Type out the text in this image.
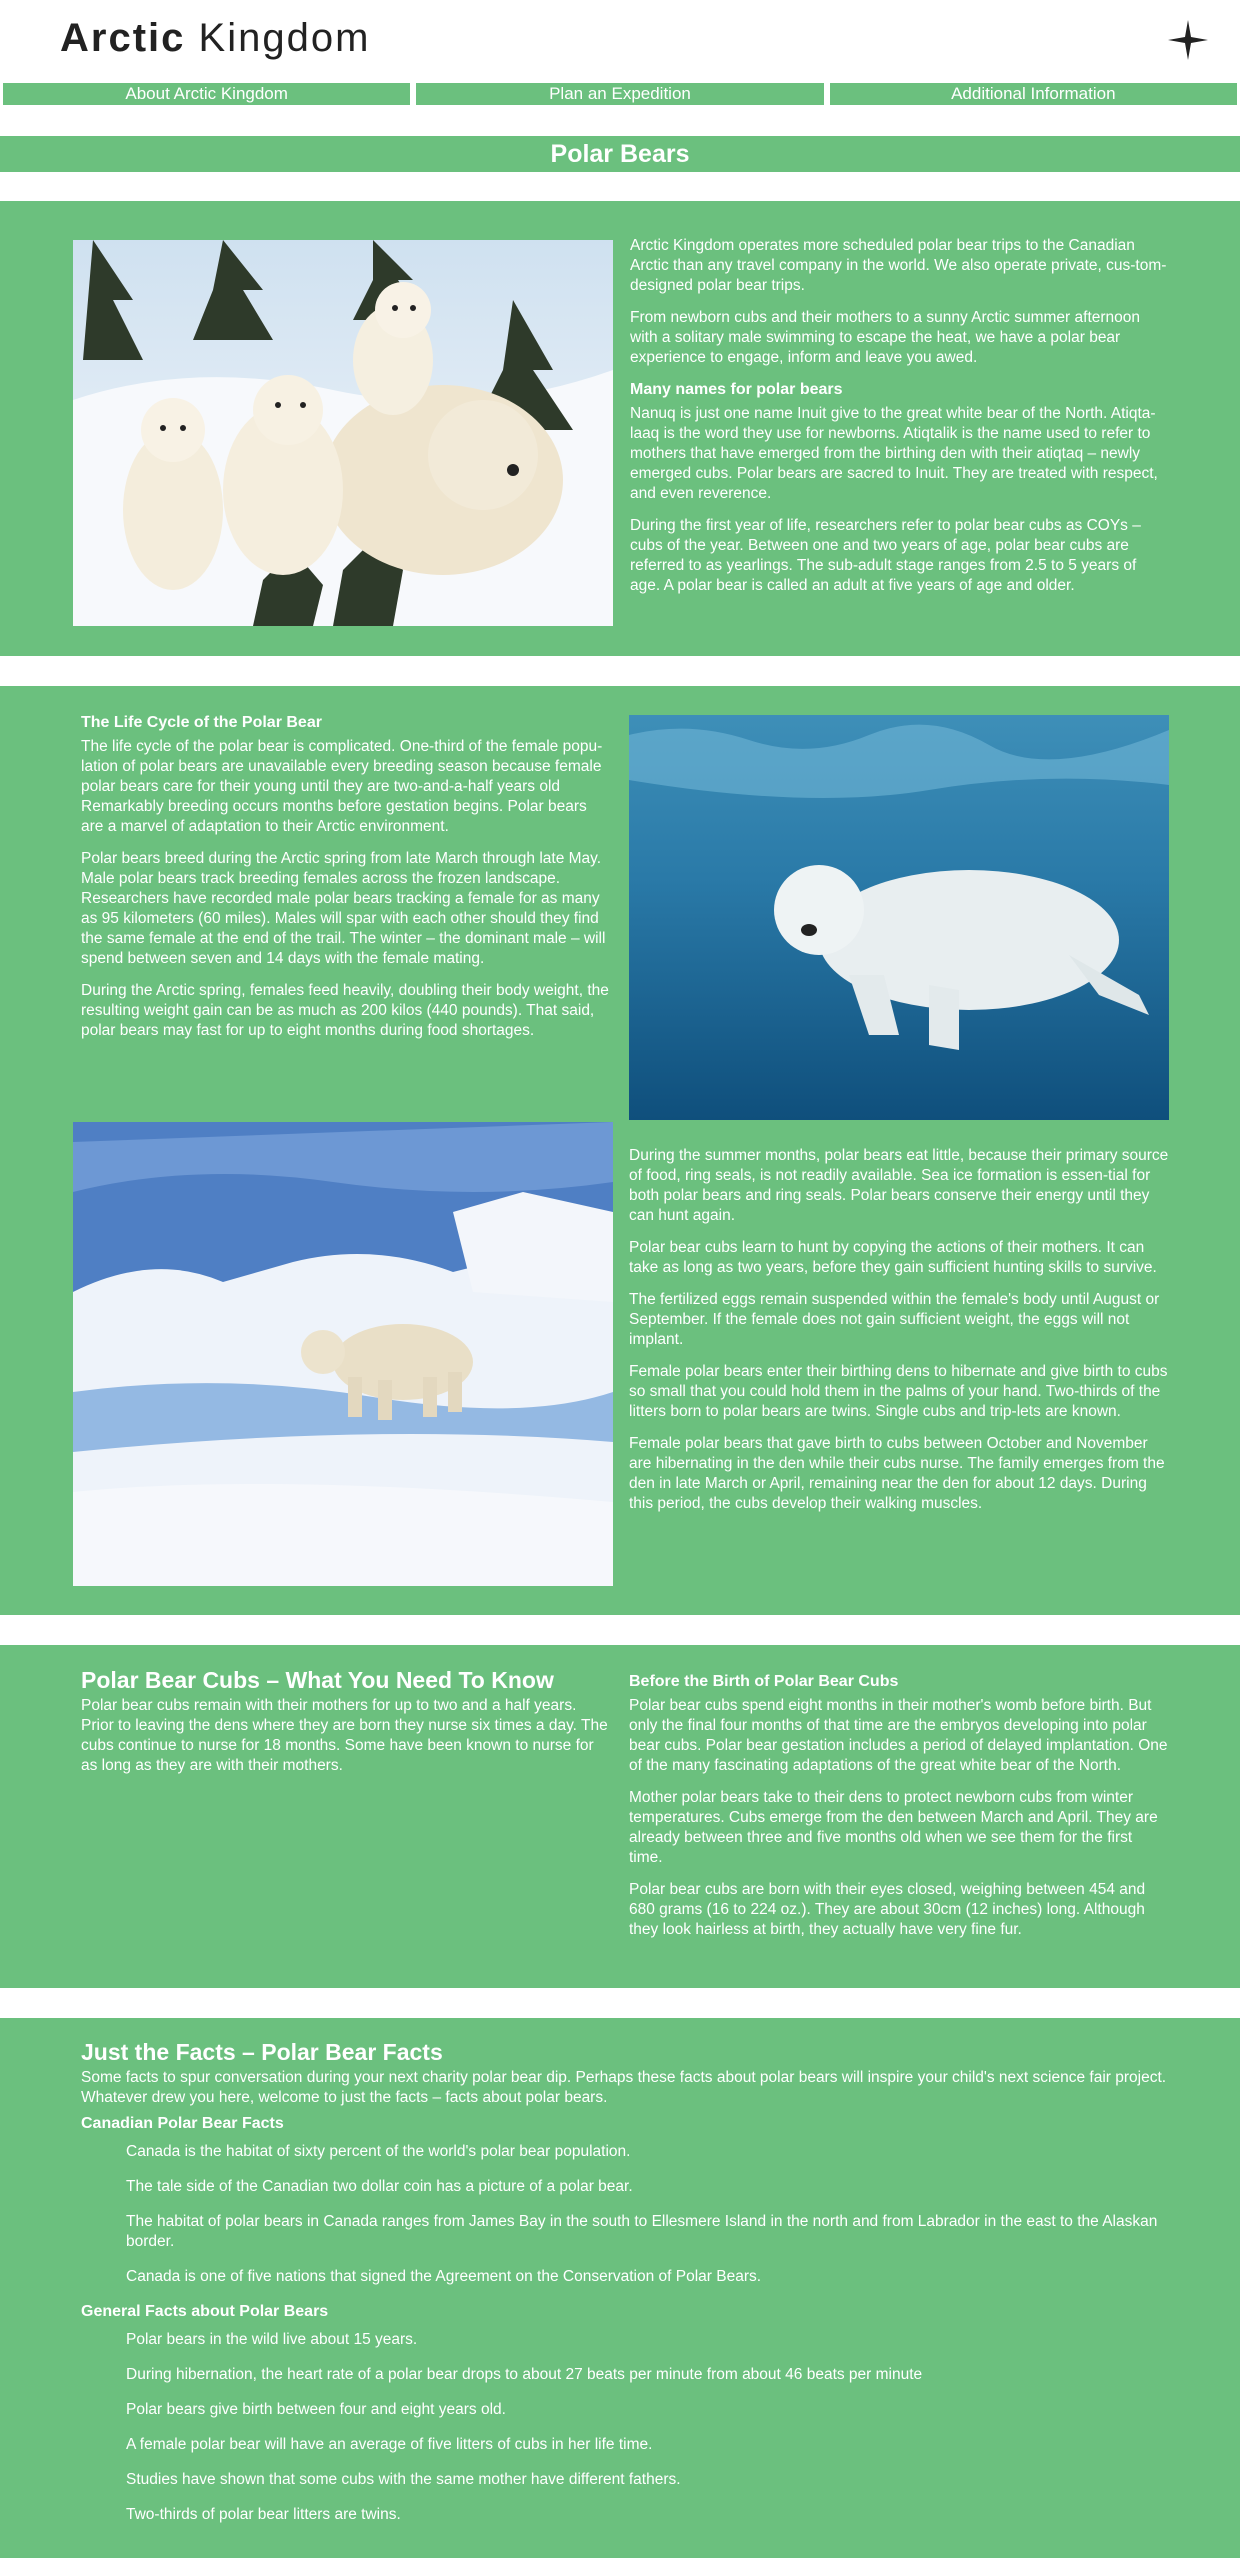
Arctic Kingdom
About Arctic Kingdom	Plan an Expedition	Additional Information
Polar Bears

Arctic Kingdom operates more scheduled polar bear trips to the Canadian Arctic than any travel company in the world. We also operate private, cus-tom-designed polar bear trips.

From newborn cubs and their mothers to a sunny Arctic summer afternoon with a solitary male swimming to escape the heat, we have a polar bear experience to engage, inform and leave you awed.

Many names for polar bears

Nanuq is just one name Inuit give to the great white bear of the North. Atiqta-laaq is the word they use for newborns. Atiqtalik is the name used to refer to mothers that have emerged from the birthing den with their atiqtaq – newly emerged cubs. Polar bears are sacred to Inuit. They are treated with respect, and even reverence.

During the first year of life, researchers refer to polar bear cubs as COYs – cubs of the year. Between one and two years of age, polar bear cubs are referred to as yearlings. The sub-adult stage ranges from 2.5 to 5 years of age. A polar bear is called an adult at five years of age and older.

The Life Cycle of the Polar Bear

The life cycle of the polar bear is complicated. One-third of the female popu-lation of polar bears are unavailable every breeding season because female polar bears care for their young until they are two-and-a-half years old Remarkably breeding occurs months before gestation begins. Polar bears are a marvel of adaptation to their Arctic environment.

Polar bears breed during the Arctic spring from late March through late May. Male polar bears track breeding females across the frozen landscape. Researchers have recorded male polar bears tracking a female for as many as 95 kilometers (60 miles). Males will spar with each other should they find the same female at the end of the trail. The winter – the dominant male – will spend between seven and 14 days with the female mating.

During the Arctic spring, females feed heavily, doubling their body weight, the resulting weight gain can be as much as 200 kilos (440 pounds). That said, polar bears may fast for up to eight months during food shortages.

During the summer months, polar bears eat little, because their primary source of food, ring seals, is not readily available. Sea ice formation is essen-tial for both polar bears and ring seals. Polar bears conserve their energy until they can hunt again.

Polar bear cubs learn to hunt by copying the actions of their mothers. It can take as long as two years, before they gain sufficient hunting skills to survive.

The fertilized eggs remain suspended within the female's body until August or September. If the female does not gain sufficient weight, the eggs will not implant.

Female polar bears enter their birthing dens to hibernate and give birth to cubs so small that you could hold them in the palms of your hand. Two-thirds of the litters born to polar bears are twins. Single cubs and trip-lets are known.

Female polar bears that gave birth to cubs between October and November are hibernating in the den while their cubs nurse. The family emerges from the den in late March or April, remaining near the den for about 12 days. During this period, the cubs develop their walking muscles.

Polar Bear Cubs – What You Need To Know

Polar bear cubs remain with their mothers for up to two and a half years. Prior to leaving the dens where they are born they nurse six times a day. The cubs continue to nurse for 18 months. Some have been known to nurse for as long as they are with their mothers.

Before the Birth of Polar Bear Cubs

Polar bear cubs spend eight months in their mother's womb before birth. But only the final four months of that time are the embryos developing into polar bear cubs. Polar bear gestation includes a period of delayed implantation. One of the many fascinating adaptations of the great white bear of the North.

Mother polar bears take to their dens to protect newborn cubs from winter temperatures. Cubs emerge from the den between March and April. They are already between three and five months old when we see them for the first time.

Polar bear cubs are born with their eyes closed, weighing between 454 and 680 grams (16 to 224 oz.). They are about 30cm (12 inches) long. Although they look hairless at birth, they actually have very fine fur.

Just the Facts – Polar Bear Facts

Some facts to spur conversation during your next charity polar bear dip. Perhaps these facts about polar bears will inspire your child's next science fair project. Whatever drew you here, welcome to just the facts – facts about polar bears.

Canadian Polar Bear Facts

Canada is the habitat of sixty percent of the world's polar bear population.

The tale side of the Canadian two dollar coin has a picture of a polar bear.

The habitat of polar bears in Canada ranges from James Bay in the south to Ellesmere Island in the north and from Labrador in the east to the Alaskan border.

Canada is one of five nations that signed the Agreement on the Conservation of Polar Bears.

General Facts about Polar Bears

Polar bears in the wild live about 15 years.

During hibernation, the heart rate of a polar bear drops to about 27 beats per minute from about 46 beats per minute

Polar bears give birth between four and eight years old.

A female polar bear will have an average of five litters of cubs in her life time.

Studies have shown that some cubs with the same mother have different fathers.

Two-thirds of polar bear litters are twins.
